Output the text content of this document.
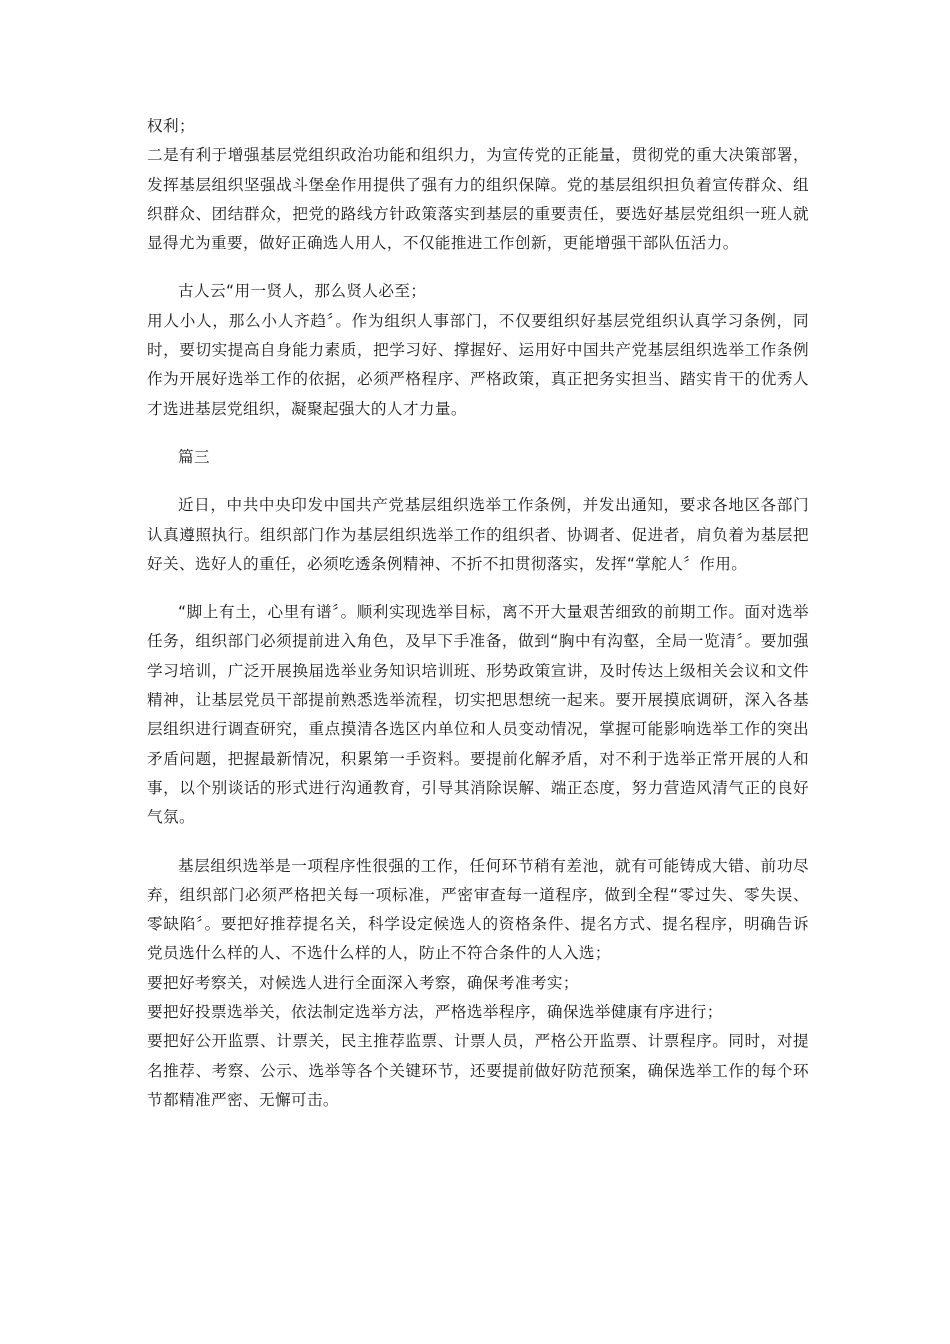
权利；

二是有利于增强基层党组织政治功能和组织力，为宣传党的正能量，贯彻党的重大决策部署，发挥基层组织坚强战斗堡垒作用提供了强有力的组织保障。党的基层组织担负着宣传群众、组织群众、团结群众，把党的路线方针政策落实到基层的重要责任，要选好基层党组织一班人就显得尤为重要，做好正确选人用人，不仅能推进工作创新，更能增强干部队伍活力。

古人云“用一贤人，那么贤人必至；

用人小人，那么小人齐趋〞。作为组织人事部门，不仅要组织好基层党组织认真学习条例，同时，要切实提高自身能力素质，把学习好、撑握好、运用好中国共产党基层组织选举工作条例作为开展好选举工作的依据，必须严格程序、严格政策，真正把务实担当、踏实肯干的优秀人才选进基层党组织，凝聚起强大的人才力量。

篇三

近日，中共中央印发中国共产党基层组织选举工作条例，并发出通知，要求各地区各部门认真遵照执行。组织部门作为基层组织选举工作的组织者、协调者、促进者，肩负着为基层把好关、选好人的重任，必须吃透条例精神、不折不扣贯彻落实，发挥“掌舵人〞作用。

“脚上有土，心里有谱〞。顺利实现选举目标，离不开大量艰苦细致的前期工作。面对选举任务，组织部门必须提前进入角色，及早下手准备，做到“胸中有沟壑，全局一览清〞。要加强学习培训，广泛开展换届选举业务知识培训班、形势政策宣讲，及时传达上级相关会议和文件精神，让基层党员干部提前熟悉选举流程，切实把思想统一起来。要开展摸底调研，深入各基层组织进行调查研究，重点摸清各选区内单位和人员变动情况，掌握可能影响选举工作的突出矛盾问题，把握最新情况，积累第一手资料。要提前化解矛盾，对不利于选举正常开展的人和事，以个别谈话的形式进行沟通教育，引导其消除误解、端正态度，努力营造风清气正的良好气氛。

基层组织选举是一项程序性很强的工作，任何环节稍有差池，就有可能铸成大错、前功尽弃，组织部门必须严格把关每一项标准，严密审查每一道程序，做到全程“零过失、零失误、零缺陷〞。要把好推荐提名关，科学设定候选人的资格条件、提名方式、提名程序，明确告诉党员选什么样的人、不选什么样的人，防止不符合条件的人入选；

要把好考察关，对候选人进行全面深入考察，确保考准考实；

要把好投票选举关，依法制定选举方法，严格选举程序，确保选举健康有序进行；

要把好公开监票、计票关，民主推荐监票、计票人员，严格公开监票、计票程序。同时，对提名推荐、考察、公示、选举等各个关键环节，还要提前做好防范预案，确保选举工作的每个环节都精准严密、无懈可击。
